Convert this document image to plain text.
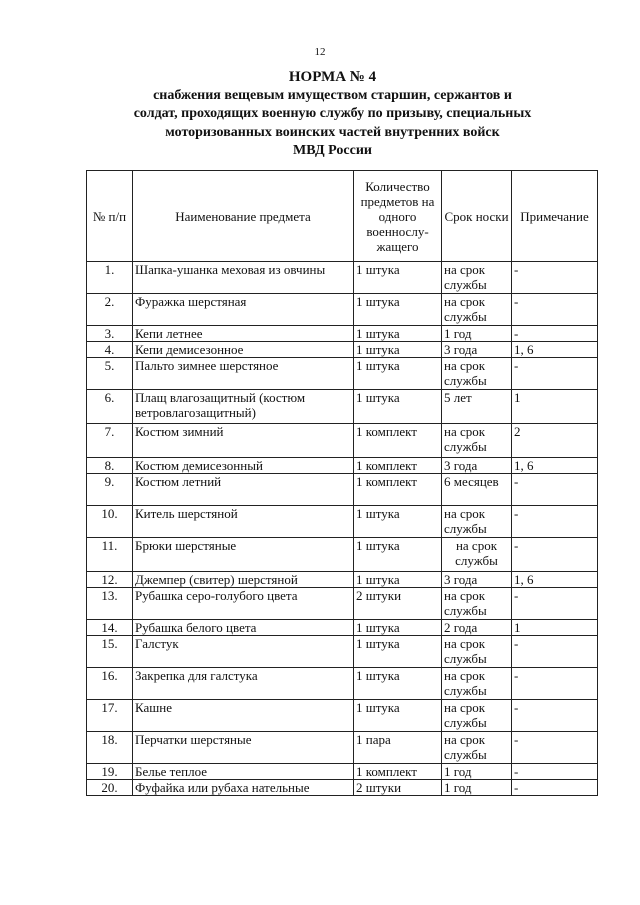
12
НОРМА № 4
снабжения вещевым имуществом старшин, сержантов и
солдат, проходящих военную службу по призыву, специальных
моторизованных воинских частей внутренних войск
МВД России
№ п/п	Наименование предмета	Количество предметов на одного военнослу-жащего	Срок носки	Примечание
1.	Шапка-ушанка меховая из овчины	1 штука	на срок службы	-
2.	Фуражка шерстяная	1 штука	на срок службы	-
3.	Кепи летнее	1 штука	1 год	-
4.	Кепи демисезонное	1 штука	3 года	1, 6
5.	Пальто зимнее шерстяное	1 штука	на срок службы	-
6.	Плащ влагозащитный (костюм ветровлагозащитный)	1 штука	5 лет	1
7.	Костюм зимний	1 комплект	на срок службы	2
8.	Костюм демисезонный	1 комплект	3 года	1, 6
9.	Костюм летний	1 комплект	6 месяцев	-
10.	Китель шерстяной	1 штука	на срок службы	-
11.	Брюки шерстяные	1 штука	на срок службы	-
12.	Джемпер (свитер) шерстяной	1 штука	3 года	1, 6
13.	Рубашка серо-голубого цвета	2 штуки	на срок службы	-
14.	Рубашка белого цвета	1 штука	2 года	1
15.	Галстук	1 штука	на срок службы	-
16.	Закрепка для галстука	1 штука	на срок службы	-
17.	Кашне	1 штука	на срок службы	-
18.	Перчатки шерстяные	1 пара	на срок службы	-
19.	Белье теплое	1 комплект	1 год	-
20.	Фуфайка или рубаха нательные	2 штуки	1 год	-
